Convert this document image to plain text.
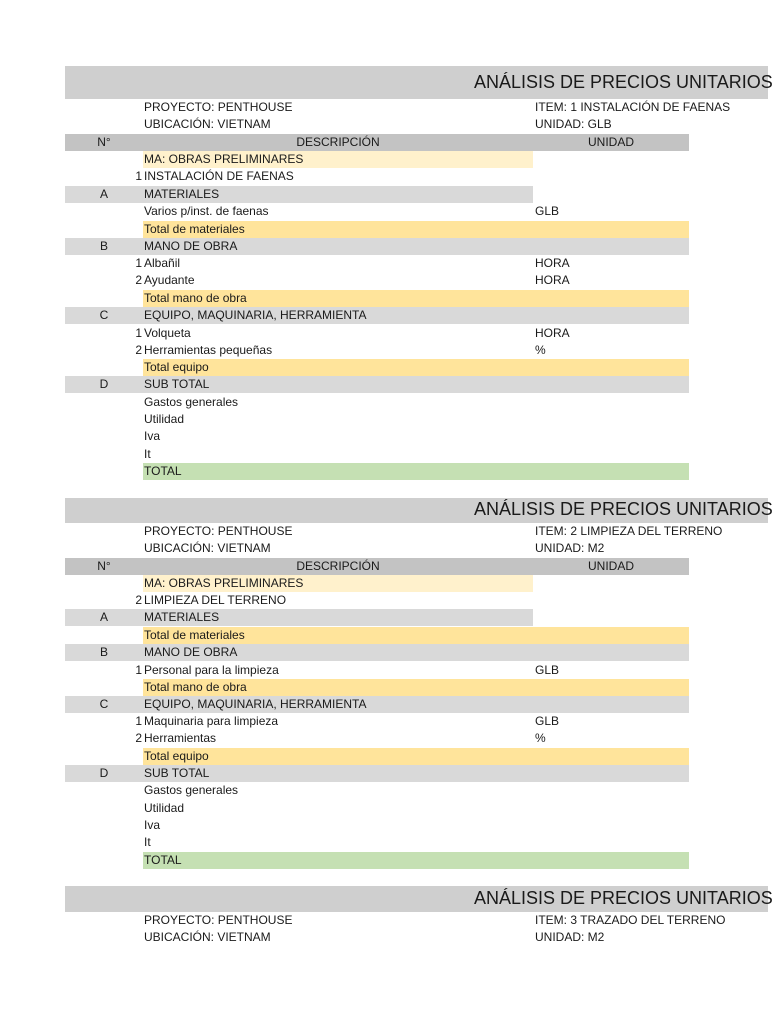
ANÁLISIS DE PRECIOS UNITARIOS
PROYECTO: PENTHOUSE	ITEM: 1 INSTALACIÓN DE FAENAS
UBICACIÓN: VIETNAM	UNIDAD: GLB
N°	DESCRIPCIÓN	UNIDAD
MA: OBRAS PRELIMINARES
1 INSTALACIÓN DE FAENAS
A	MATERIALES
Varios p/inst. de faenas	GLB
Total de materiales
B	MANO DE OBRA
1 Albañil	HORA
2 Ayudante	HORA
Total mano de obra
C	EQUIPO, MAQUINARIA, HERRAMIENTA
1 Volqueta	HORA
2 Herramientas pequeñas	%
Total equipo
D	SUB TOTAL
Gastos generales
Utilidad
Iva
It
TOTAL
ANÁLISIS DE PRECIOS UNITARIOS
PROYECTO: PENTHOUSE	ITEM: 2 LIMPIEZA DEL TERRENO
UBICACIÓN: VIETNAM	UNIDAD: M2
N°	DESCRIPCIÓN	UNIDAD
MA: OBRAS PRELIMINARES
2 LIMPIEZA DEL TERRENO
A	MATERIALES
Total de materiales
B	MANO DE OBRA
1 Personal para la limpieza	GLB
Total mano de obra
C	EQUIPO, MAQUINARIA, HERRAMIENTA
1 Maquinaria para limpieza	GLB
2 Herramientas	%
Total equipo
D	SUB TOTAL
Gastos generales
Utilidad
Iva
It
TOTAL
ANÁLISIS DE PRECIOS UNITARIOS
PROYECTO: PENTHOUSE	ITEM: 3 TRAZADO DEL TERRENO
UBICACIÓN: VIETNAM	UNIDAD: M2
